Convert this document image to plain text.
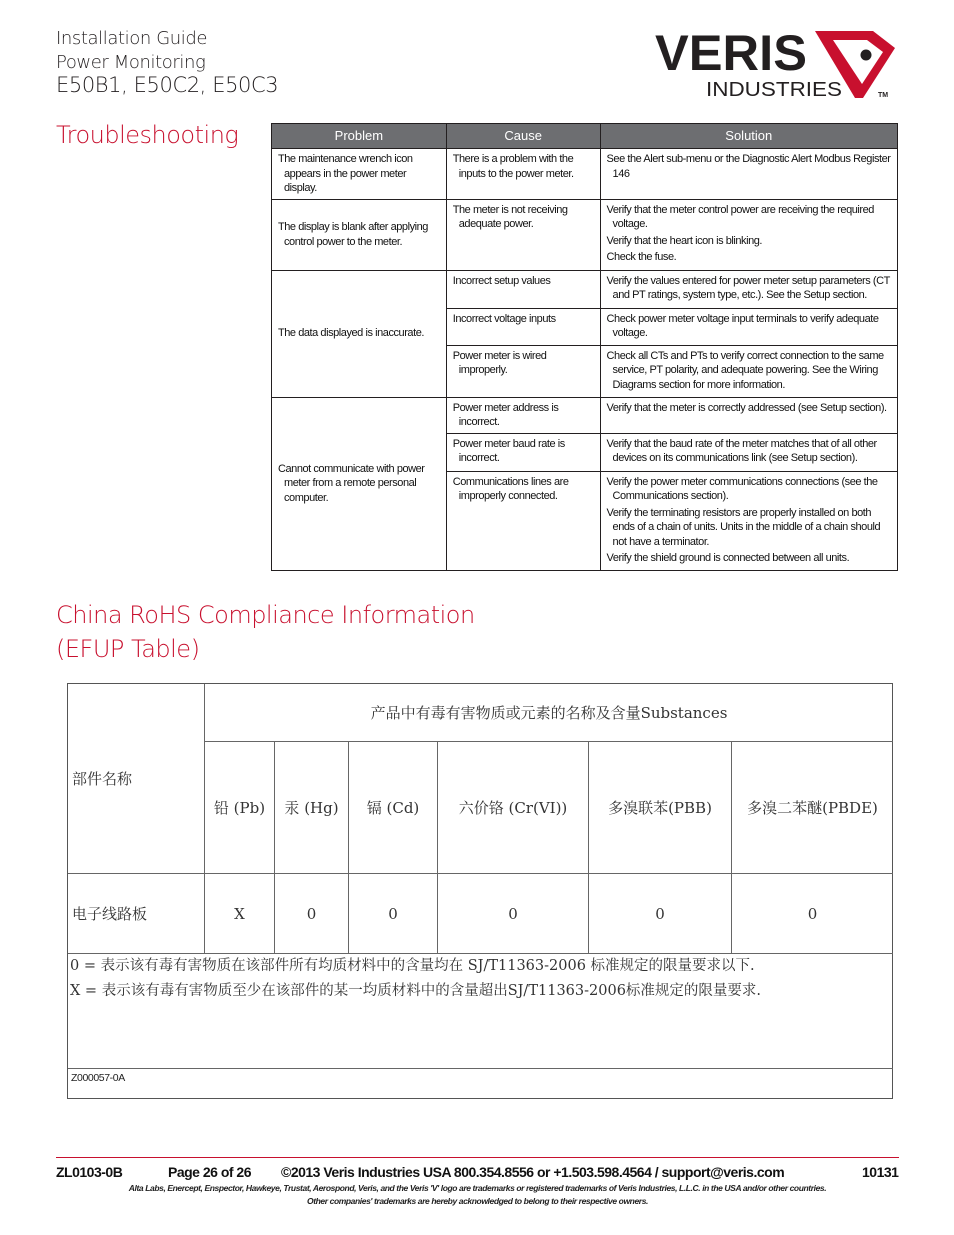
Installation Guide
Power Monitoring
E50B1, E50C2, E50C3
VERIS
INDUSTRIES	TM
Troubleshooting	Problem	Cause	Solution

The maintenance wrench icon appears in the power meter display.	There is a problem with the inputs to the power meter.	See the Alert sub-menu or the Diagnostic Alert Modbus Register 146

The display is blank after applying control power to the meter.	The meter is not receiving adequate power.	Verify that the meter control power are receiving the required voltage.
Verify that the heart icon is blinking.
Check the fuse.

The data displayed is inaccurate.	Incorrect setup values	Verify the values entered for power meter setup parameters (CT and PT ratings, system type, etc.). See the Setup section.

	Incorrect voltage inputs	Check power meter voltage input terminals to verify adequate voltage.

	Power meter is wired improperly.	Check all CTs and PTs to verify correct connection to the same service, PT polarity, and adequate powering. See the Wiring Diagrams section for more information.

Cannot communicate with power meter from a remote personal computer.	Power meter address is incorrect.	Verify that the meter is correctly addressed (see Setup section).

	Power meter baud rate is incorrect.	Verify that the baud rate of the meter matches that of all other devices on its communications link (see Setup section).

	Communications lines are improperly connected.	Verify the power meter communications connections (see the Communications section).
Verify the terminating resistors are properly installed on both ends of a chain of units. Units in the middle of a chain should not have a terminator.
Verify the shield ground is connected between all units.
China RoHS Compliance Information
(EFUP Table)
部件名称
产品中有毒有害物质或元素的名称及含量Substances
铅 (Pb)	汞 (Hg)	镉 (Cd)	六价铬 (Cr(VI))	多溴联苯(PBB)	多溴二苯醚(PBDE)
电子线路板	X	0	0	0	0	0
0 = 表示该有毒有害物质在该部件所有均质材料中的含量均在 SJ/T11363-2006 标准规定的限量要求以下.
X = 表示该有毒有害物质至少在该部件的某一均质材料中的含量超出SJ/T11363-2006标准规定的限量要求.
Z000057-0A
ZL0103-0B	Page 26 of 26 ©2013 Veris Industries USA 800.354.8556 or +1.503.598.4564 / support@veris.com	10131
Alta Labs, Enercept, Enspector, Hawkeye, Trustat, Aerospond, Veris, and the Veris 'V' logo are trademarks or registered trademarks of Veris Industries, L.L.C. in the USA and/or other countries.
Other companies' trademarks are hereby acknowledged to belong to their respective owners.
